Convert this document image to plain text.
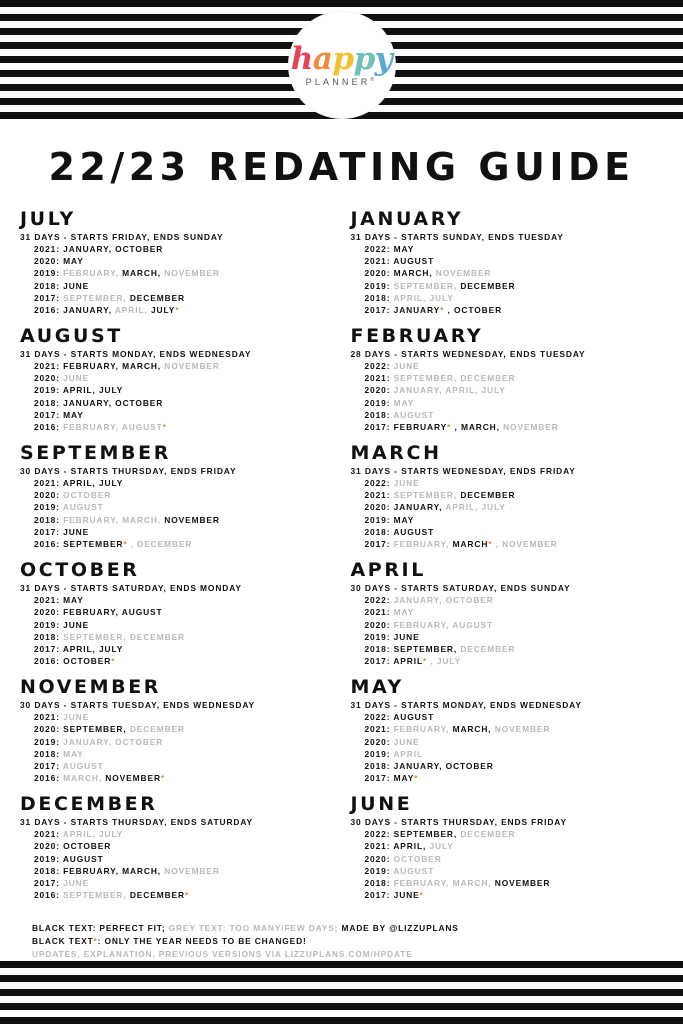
happy
PLANNER®
22/23 REDATING GUIDE
JULY
31 DAYS - STARTS FRIDAY, ENDS SUNDAY
2021: JANUARY, OCTOBER
2020: MAY
2019: FEBRUARY, MARCH, NOVEMBER
2018: JUNE
2017: SEPTEMBER, DECEMBER
2016: JANUARY, APRIL, JULY*
AUGUST
31 DAYS - STARTS MONDAY, ENDS WEDNESDAY
2021: FEBRUARY, MARCH, NOVEMBER
2020: JUNE
2019: APRIL, JULY
2018: JANUARY, OCTOBER
2017: MAY
2016: FEBRUARY, AUGUST*
SEPTEMBER
30 DAYS - STARTS THURSDAY, ENDS FRIDAY
2021: APRIL, JULY
2020: OCTOBER
2019: AUGUST
2018: FEBRUARY, MARCH, NOVEMBER
2017: JUNE
2016: SEPTEMBER* , DECEMBER
OCTOBER
31 DAYS - STARTS SATURDAY, ENDS MONDAY
2021: MAY
2020: FEBRUARY, AUGUST
2019: JUNE
2018: SEPTEMBER, DECEMBER
2017: APRIL, JULY
2016: OCTOBER*
NOVEMBER
30 DAYS - STARTS TUESDAY, ENDS WEDNESDAY
2021: JUNE
2020: SEPTEMBER, DECEMBER
2019: JANUARY, OCTOBER
2018: MAY
2017: AUGUST
2016: MARCH, NOVEMBER*
DECEMBER
31 DAYS - STARTS THURSDAY, ENDS SATURDAY
2021: APRIL, JULY
2020: OCTOBER
2019: AUGUST
2018: FEBRUARY, MARCH, NOVEMBER
2017: JUNE
2016: SEPTEMBER, DECEMBER*
JANUARY
31 DAYS - STARTS SUNDAY, ENDS TUESDAY
2022: MAY
2021: AUGUST
2020: MARCH, NOVEMBER
2019: SEPTEMBER, DECEMBER
2018: APRIL, JULY
2017: JANUARY* , OCTOBER
FEBRUARY
28 DAYS - STARTS WEDNESDAY, ENDS TUESDAY
2022: JUNE
2021: SEPTEMBER, DECEMBER
2020: JANUARY, APRIL, JULY
2019: MAY
2018: AUGUST
2017: FEBRUARY* , MARCH, NOVEMBER
MARCH
31 DAYS - STARTS WEDNESDAY, ENDS FRIDAY
2022: JUNE
2021: SEPTEMBER, DECEMBER
2020: JANUARY, APRIL, JULY
2019: MAY
2018: AUGUST
2017: FEBRUARY, MARCH* , NOVEMBER
APRIL
30 DAYS - STARTS SATURDAY, ENDS SUNDAY
2022: JANUARY, OCTOBER
2021: MAY
2020: FEBRUARY, AUGUST
2019: JUNE
2018: SEPTEMBER, DECEMBER
2017: APRIL* , JULY
MAY
31 DAYS - STARTS MONDAY, ENDS WEDNESDAY
2022: AUGUST
2021: FEBRUARY, MARCH, NOVEMBER
2020: JUNE
2019: APRIL
2018: JANUARY, OCTOBER
2017: MAY*
JUNE
30 DAYS - STARTS THURSDAY, ENDS FRIDAY
2022: SEPTEMBER, DECEMBER
2021: APRIL, JULY
2020: OCTOBER
2019: AUGUST
2018: FEBRUARY, MARCH, NOVEMBER
2017: JUNE*
BLACK TEXT: PERFECT FIT; GREY TEXT: TOO MANY/FEW DAYS; MADE BY @LIZZUPLANS
BLACK TEXT*: ONLY THE YEAR NEEDS TO BE CHANGED!
UPDATES, EXPLANATION, PREVIOUS VERSIONS VIA LIZZUPLANS.COM/HPDATE
